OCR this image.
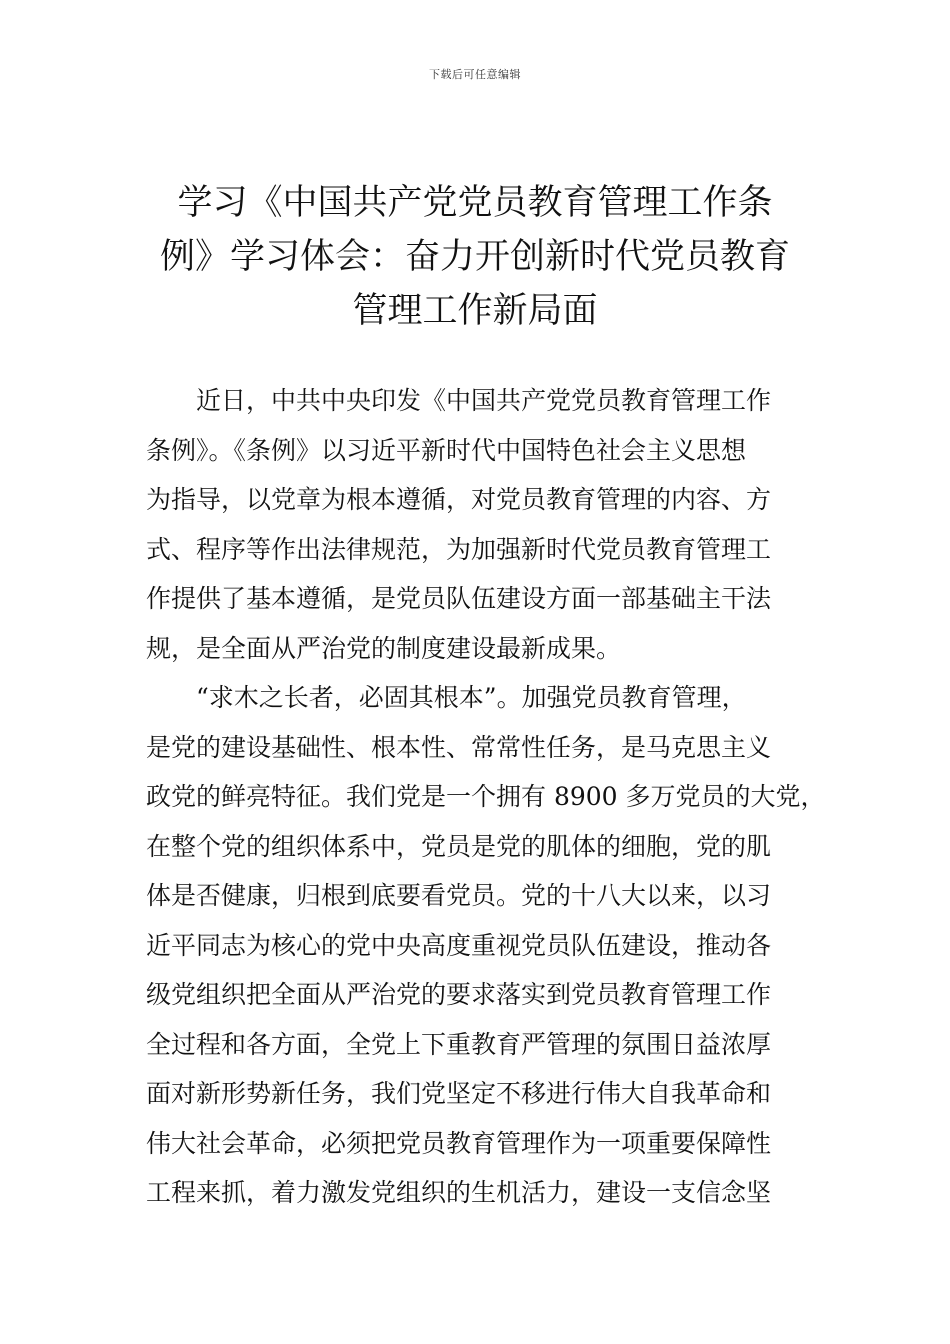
下载后可任意编辑
学习《中国共产党党员教育管理工作条
例》学习体会：奋力开创新时代党员教育
管理工作新局面
近日，中共中央印发《中国共产党党员教育管理工作
条例》。《条例》以习近平新时代中国特色社会主义思想
为指导，以党章为根本遵循，对党员教育管理的内容、方
式、程序等作出法律规范，为加强新时代党员教育管理工
作提供了基本遵循，是党员队伍建设方面一部基础主干法
规，是全面从严治党的制度建设最新成果。
“求木之长者，必固其根本”。加强党员教育管理，
是党的建设基础性、根本性、常常性任务，是马克思主义
政党的鲜亮特征。我们党是一个拥有 8900 多万党员的大党，
在整个党的组织体系中，党员是党的肌体的细胞，党的肌
体是否健康，归根到底要看党员。党的十八大以来，以习
近平同志为核心的党中央高度重视党员队伍建设，推动各
级党组织把全面从严治党的要求落实到党员教育管理工作
全过程和各方面，全党上下重教育严管理的氛围日益浓厚
面对新形势新任务，我们党坚定不移进行伟大自我革命和
伟大社会革命，必须把党员教育管理作为一项重要保障性
工程来抓，着力激发党组织的生机活力，建设一支信念坚
